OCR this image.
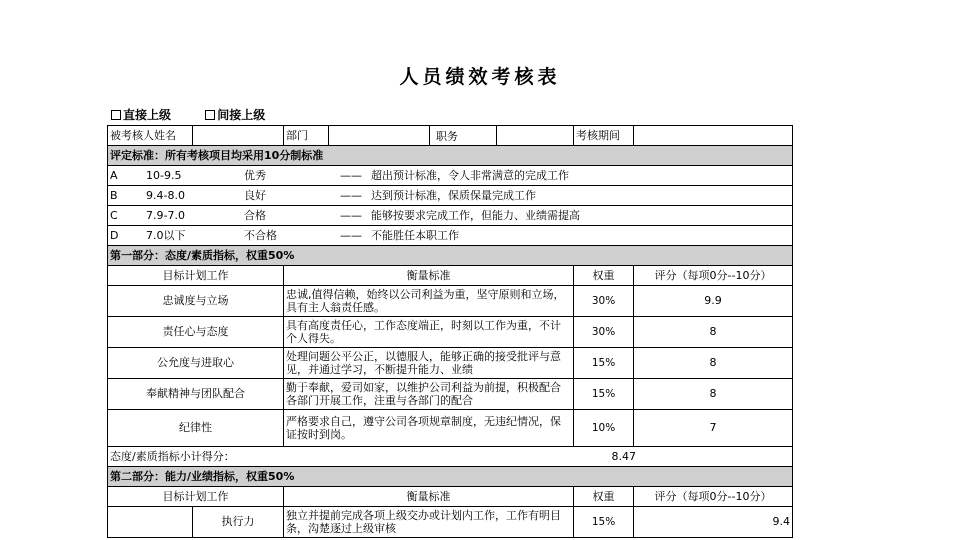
人员绩效考核表
直接上级	间接上级
被考核人姓名		部门		职务	考核期间	
评定标准：所有考核项目均采用10分制标准						
A 10-9.5 优秀 —— 超出预计标准，令人非常满意的完成工作						
B 9.4-8.0 良好 —— 达到预计标准，保质保量完成工作						
C 7.9-7.0 合格 —— 能够按要求完成工作，但能力、业绩需提高						
D 7.0以下 不合格 —— 不能胜任本职工作						
第一部分：态度/素质指标，权重50%						
目标计划工作		衡量标准			权重	评分（每项0分--10分）
忠诚度与立场		忠诚,值得信赖，始终以公司利益为重，坚守原则和立场，具有主人翁责任感。			30%	9.9
责任心与态度		具有高度责任心，工作态度端正，时刻以工作为重，不计个人得失。			30%	8
公允度与进取心		处理问题公平公正，以德服人，能够正确的接受批评与意见，并通过学习，不断提升能力、业绩			15%	8
奉献精神与团队配合		勤于奉献，爱司如家，以维护公司利益为前提，积极配合各部门开展工作，注重与各部门的配合			15%	8
纪律性		严格要求自己，遵守公司各项规章制度，无违纪情况，保证按时到岗。			10%	7
态度/素质指标小计得分：					8.47	
第二部分：能力/业绩指标，权重50%						
目标计划工作		衡量标准			权重	评分（每项0分--10分）
	执行力	独立并提前完成各项上级交办或计划内工作，工作有明目条，沟楚逐过上级审核			15%	9.4
